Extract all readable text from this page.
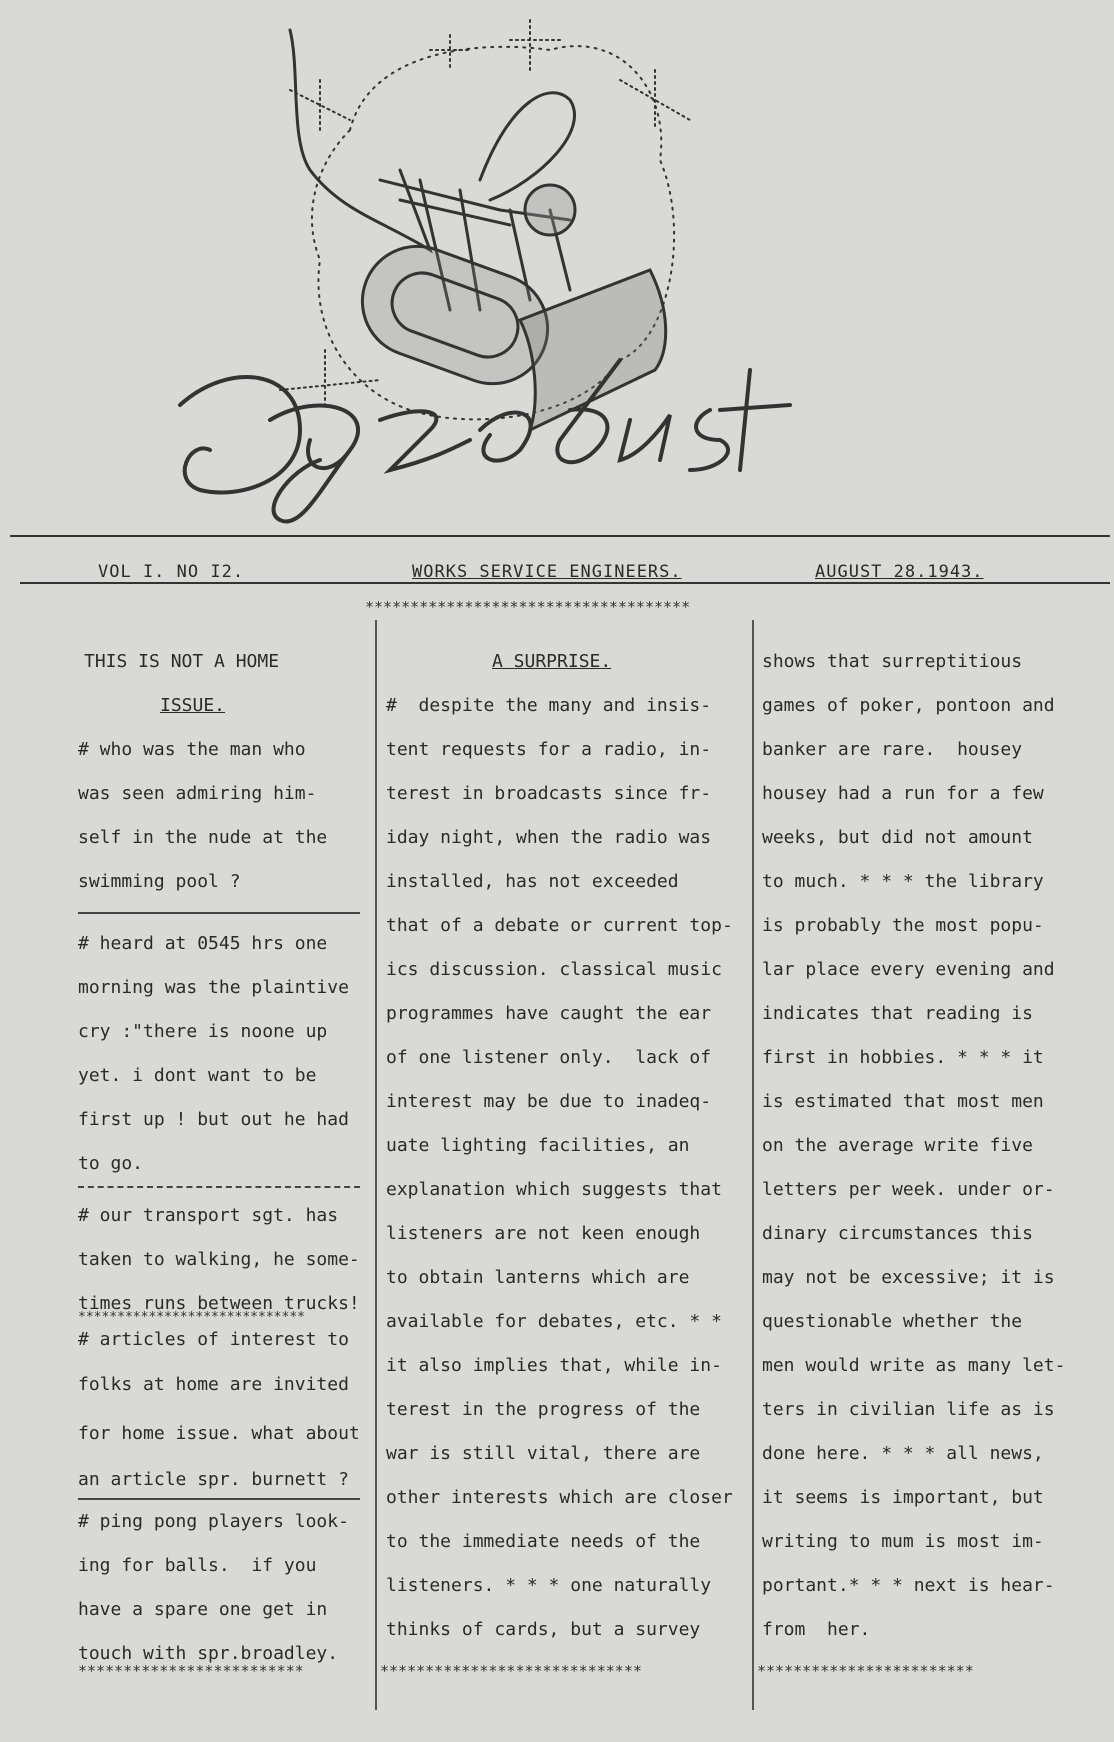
VOL I. NO I2.	WORKS SERVICE ENGINEERS.	AUGUST 28.1943.
************************************

THIS IS NOT A HOME

ISSUE.

# who was the man who

was seen admiring him-

self in the nude at the

swimming pool ?

# heard at 0545 hrs one

morning was the plaintive

cry :"there is noone up

yet. i dont want to be

first up ! but out he had

to go.

# our transport sgt. has

taken to walking, he some-

times runs between trucks!

*****************************

# articles of interest to

folks at home are invited

for home issue. what about

an article spr. burnett ?

# ping pong players look-

ing for balls.  if you

have a spare one get in

touch with spr.broadley.

*************************

A SURPRISE.

#  despite the many and insis-

tent requests for a radio, in-

terest in broadcasts since fr-

iday night, when the radio was

installed, has not exceeded

that of a debate or current top-

ics discussion. classical music

programmes have caught the ear

of one listener only.  lack of

interest may be due to inadeq-

uate lighting facilities, an

explanation which suggests that

listeners are not keen enough

to obtain lanterns which are

available for debates, etc. * *

it also implies that, while in-

terest in the progress of the

war is still vital, there are

other interests which are closer

to the immediate needs of the

listeners. * * * one naturally

thinks of cards, but a survey

*****************************

shows that surreptitious

games of poker, pontoon and

banker are rare.  housey

housey had a run for a few

weeks, but did not amount

to much. * * * the library

is probably the most popu-

lar place every evening and

indicates that reading is

first in hobbies. * * * it

is estimated that most men

on the average write five

letters per week. under or-

dinary circumstances this

may not be excessive; it is

questionable whether the

men would write as many let-

ters in civilian life as is

done here. * * * all news,

it seems is important, but

writing to mum is most im-

portant.* * * next is hear-

from  her.

************************
